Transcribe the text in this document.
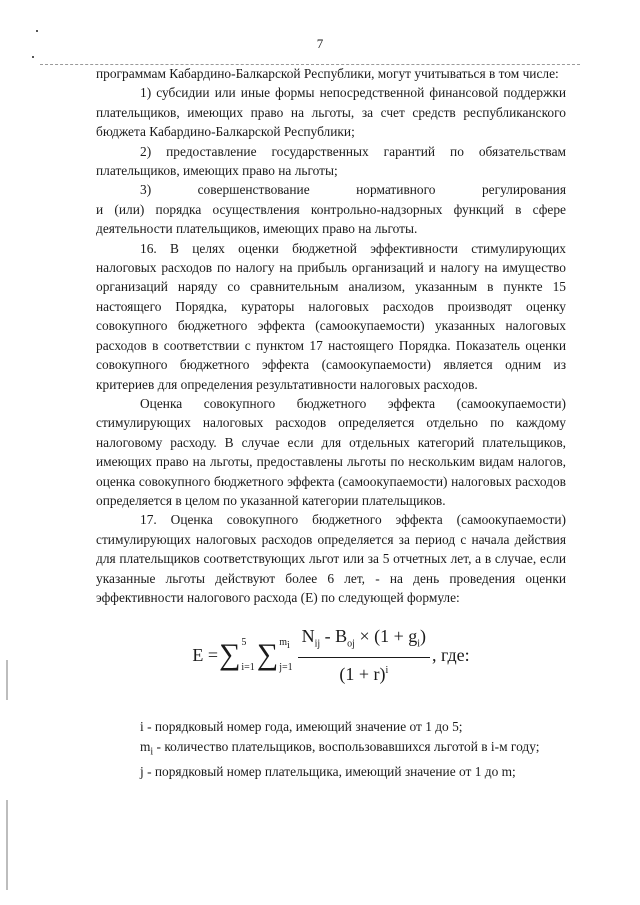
7

программам Кабардино-Балкарской Республики, могут учитываться в том числе:

1) субсидии или иные формы непосредственной финансовой поддержки плательщиков, имеющих право на льготы, за счет средств республиканского бюджета Кабардино-Балкарской Республики;

2) предоставление государственных гарантий по обязательствам плательщиков, имеющих право на льготы;

3) совершенствование нормативного регулирования

и (или) порядка осуществления контрольно-надзорных функций в сфере деятельности плательщиков, имеющих право на льготы.

16. В целях оценки бюджетной эффективности стимулирующих налоговых расходов по налогу на прибыль организаций и налогу на имущество организаций наряду со сравнительным анализом, указанным в пункте 15 настоящего Порядка, кураторы налоговых расходов производят оценку совокупного бюджетного эффекта (самоокупаемости) указанных налоговых расходов в соответствии с пунктом 17 настоящего Порядка. Показатель оценки совокупного бюджетного эффекта (самоокупаемости) является одним из критериев для определения результативности налоговых расходов.

Оценка совокупного бюджетного эффекта (самоокупаемости) стимулирующих налоговых расходов определяется отдельно по каждому налоговому расходу. В случае если для отдельных категорий плательщиков, имеющих право на льготы, предоставлены льготы по нескольким видам налогов, оценка совокупного бюджетного эффекта (самоокупаемости) налоговых расходов определяется в целом по указанной категории плательщиков.

17. Оценка совокупного бюджетного эффекта (самоокупаемости) стимулирующих налоговых расходов определяется за период с начала действия для плательщиков соответствующих льгот или за 5 отчетных лет, а в случае, если указанные льготы действуют более 6 лет, - на день проведения оценки эффективности налогового расхода (Е) по следующей формуле:

E = ∑ 5
i=1 ∑ $m_i$
$j=1 \frac{N_{ij} - B_{oj} \times (1 + g_i)}{(1 + r)^i}$ , где:

i - порядковый номер года, имеющий значение от 1 до 5;

$m_i$ - количество плательщиков, воспользовавшихся льготой в i-м году;

j - порядковый номер плательщика, имеющий значение от 1 до m;
